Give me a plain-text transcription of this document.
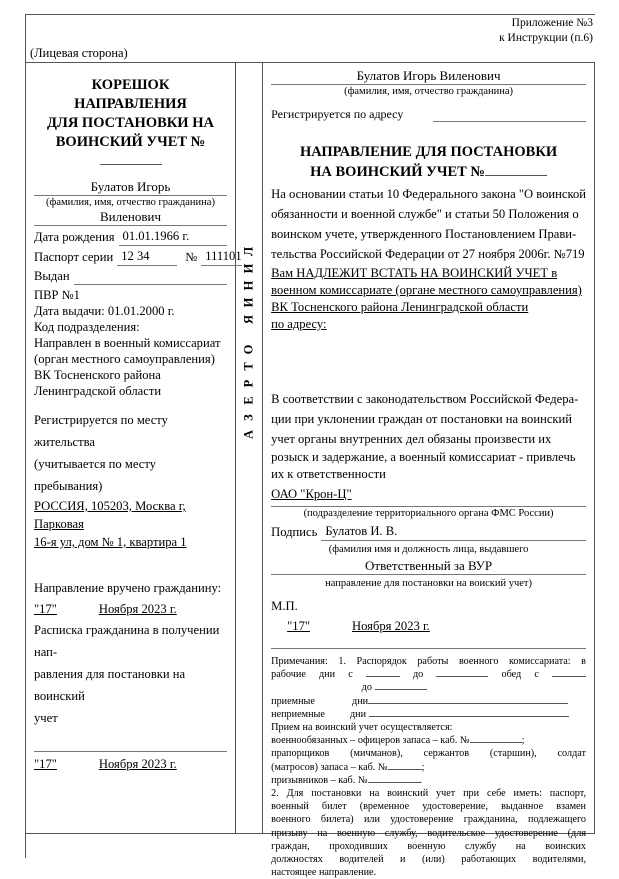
Приложение №3
к Инструкции (п.6)
(Лицевая сторона)
КОРЕШОК НАПРАВЛЕНИЯ
ДЛЯ ПОСТАНОВКИ НА
ВОИНСКИЙ УЧЕТ №
Булатов Игорь
(фамилия, имя, отчество гражданина)
Виленович
Дата рождения 01.01.1966 г.
Паспорт серии 12 34	№ 111101
Выдан
ПВР №1
Дата выдачи: 01.01.2000 г.
Код подразделения:
Направлен в военный комиссариат
(орган местного самоуправления)
ВК Тосненского района
Ленинградской области
Регистрируется по месту жительства
(учитывается по месту пребывания)
РОССИЯ, 105203, Москва г, Парковая
16-я ул, дом № 1, квартира 1
Направление вручено гражданину:
"17"	Ноября 2023 г.
Расписка гражданина в получении нап-
равления для постановки на воинский
учет
"17"	Ноября 2023 г.
Л
И
Н
И
Я
О
Т
Р
Е
З
А
Булатов Игорь Виленович
(фамилия, имя, отчество гражданина)
Регистрируется по адресу
НАПРАВЛЕНИЕ ДЛЯ ПОСТАНОВКИ
НА ВОИНСКИЙ УЧЕТ №
На основании статьи 10 Федерального закона "О воинской
обязанности и военной службе" и статьи 50 Положения о
воинском учете, утвержденного Постановлением Прави-
тельства Российской Федерации от 27 ноября 2006г. №719
Вам НАДЛЕЖИТ ВСТАТЬ НА ВОИНСКИЙ УЧЕТ в
военном комиссариате (органе местного самоуправления)
ВК Тосненского района Ленинградской области
по адресу:
В соответствии с законодательством Российской Федера-
ции при уклонении граждан от постановки на воинский
учет органы внутренних дел обязаны произвести их
розыск и задержание, а военный комиссариат - привлечь
их к ответственности
ОАО "Крон-Ц"
(подразделение территориального органа ФМС России)
Подпись Булатов И. В.
(фамилия имя и должность лица, выдавшего
Ответственный за ВУР
направление для постановки на воиский учет)
М.П.
"17"	Ноября 2023 г.
Примечания: 1. Распорядок работы военного комиссариата: в
рабочие дни с	до	обед с   до
приемные	дни
неприемные дни
Прием на воинский учет осуществляется:
военнообязанных – офицеров запаса – каб. №	;
прапорщиков (мичманов), сержантов (старшин), солдат
(матросов) запаса – каб. №	;
призывников – каб. №	.
2. Для постановки на воинский учет при себе иметь: паспорт,
военный билет (временное удостоверение, выданное взамен
военного билета) или удостоверение гражданина, подлежащего
призыву на военную службу, водительское удостоверение (для
граждан, проходивших военную службу на воинских
должностях водителей и (или) работающих водителями,
настоящее направление.
